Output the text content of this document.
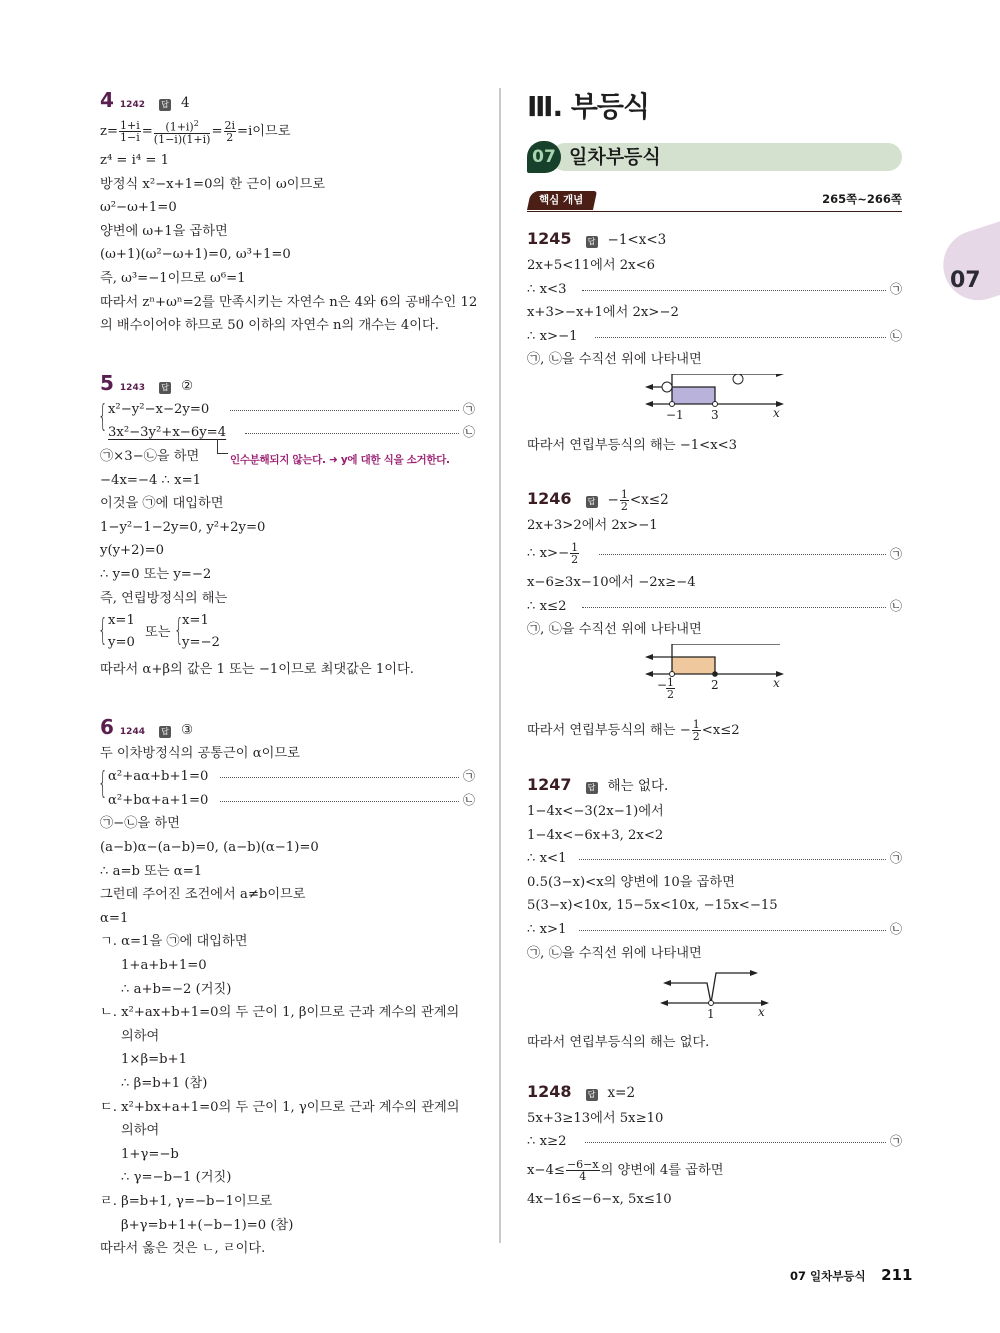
07
4 1242 답 4
$z= \frac{1+i}{1-i} = \frac{(1+i)^2}{(1-i)(1+i)} = \frac{2i}{2} =i$이므로
z⁴ = i⁴ = 1
방정식 x²−x+1=0의 한 근이 ω이므로
ω²−ω+1=0
양변에 ω+1을 곱하면
(ω+1)(ω²−ω+1)=0, ω³+1=0
즉, ω³=−1이므로 ω⁶=1
따라서 zⁿ+ωⁿ=2를 만족시키는 자연수 n은 4와 6의 공배수인 12
의 배수이어야 하므로 50 이하의 자연수 n의 개수는 4이다.
5 1243 답 ②
{ x²−y²−x−2y=0	㉠
3x²−3y²+x−6y=4	㉡
㉠×3−㉡을 하면	인수분해되지 않는다. ➜ y에 대한 식을 소거한다.
−4x=−4 ∴ x=1
이것을 ㉠에 대입하면
1−y²−1−2y=0, y²+2y=0
y(y+2)=0
∴ y=0 또는 y=−2
즉, 연립방정식의 해는
{ x=1
y=0
또는 {
x=1
y=−2
따라서 α+β의 값은 1 또는 −1이므로 최댓값은 1이다.
6 1244 답 ③
두 이차방정식의 공통근이 α이므로
{ α²+aα+b+1=0	㉠
α²+bα+a+1=0	㉡
㉠−㉡을 하면
(a−b)α−(a−b)=0, (a−b)(α−1)=0
∴ a=b 또는 α=1
그런데 주어진 조건에서 a≠b이므로
α=1
ㄱ. α=1을 ㉠에 대입하면
1+a+b+1=0
∴ a+b=−2 (거짓)
ㄴ. x²+ax+b+1=0의 두 근이 1, β이므로 근과 계수의 관계의
의하여
1×β=b+1
∴ β=b+1 (참)
ㄷ. x²+bx+a+1=0의 두 근이 1, γ이므로 근과 계수의 관계의
의하여
1+γ=−b
∴ γ=−b−1 (거짓)
ㄹ. β=b+1, γ=−b−1이므로
β+γ=b+1+(−b−1)=0 (참)
따라서 옳은 것은 ㄴ, ㄹ이다.
Ⅲ. 부등식
07 일차부등식
핵심 개념	265쪽~266쪽
1245 답 −1<x<3
2x+5<11에서 2x<6
∴ x<3	㉠
x+3>−x+1에서 2x>−2
∴ x>−1	㉡
㉠, ㉡을 수직선 위에 나타내면
−1 3	x
따라서 연립부등식의 해는 −1<x<3
1246 답 − $\frac{1}{2} <x\le 2$
2x+3>2에서 2x>−1
∴ $x>- \frac{1}{2}$	㉠
x−6≥3x−10에서 −2x≥−4
∴ x≤2	㉡
㉠, ㉡을 수직선 위에 나타내면
−
$\frac{1}{2}$	2	x
따라서 연립부등식의 해는 − $\frac{1}{2} <x\le 2$
1247 답 해는 없다.
1−4x<−3(2x−1)에서
1−4x<−6x+3, 2x<2
∴ x<1	㉠
0.5(3−x)<x의 양변에 10을 곱하면
5(3−x)<10x, 15−5x<10x, −15x<−15
∴ x>1	㉡
㉠, ㉡을 수직선 위에 나타내면
1	x
따라서 연립부등식의 해는 없다.
1248 답 x=2
5x+3≥13에서 5x≥10
∴ x≥2	㉠
$x-4\le \frac{-6-x}{4}$ 의 양변에 4를 곱하면
4x−16≤−6−x, 5x≤10
07 일차부등식 211
